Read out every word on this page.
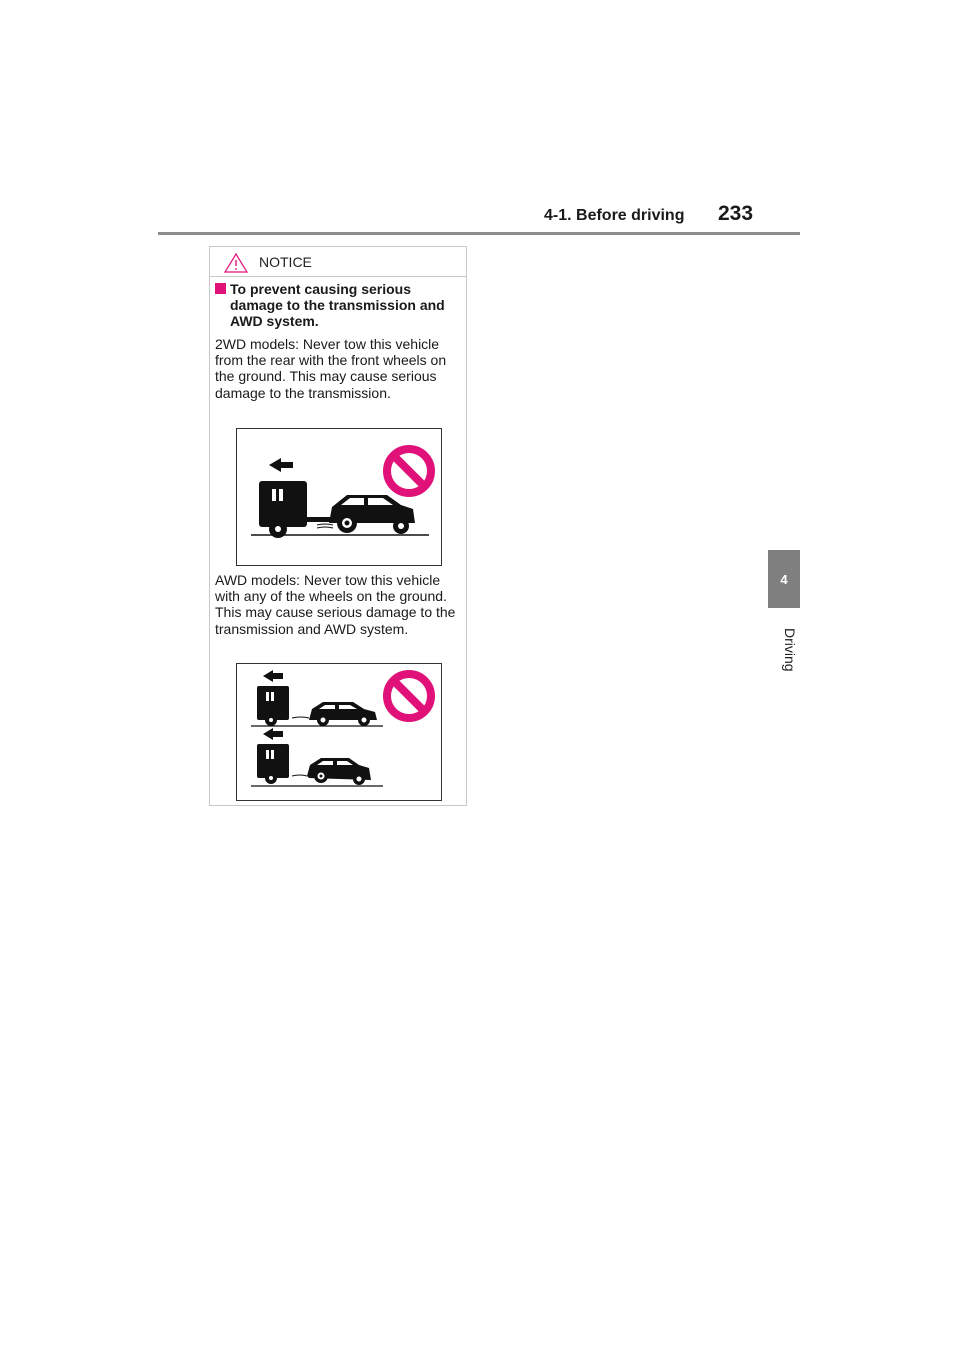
4-1. Before driving 233
4
Driving
NOTICE
To prevent causing serious damage to the transmission and AWD system.

2WD models: Never tow this vehicle from the rear with the front wheels on the ground. This may cause serious damage to the transmission.

AWD models: Never tow this vehicle with any of the wheels on the ground. This may cause serious damage to the transmission and AWD system.
